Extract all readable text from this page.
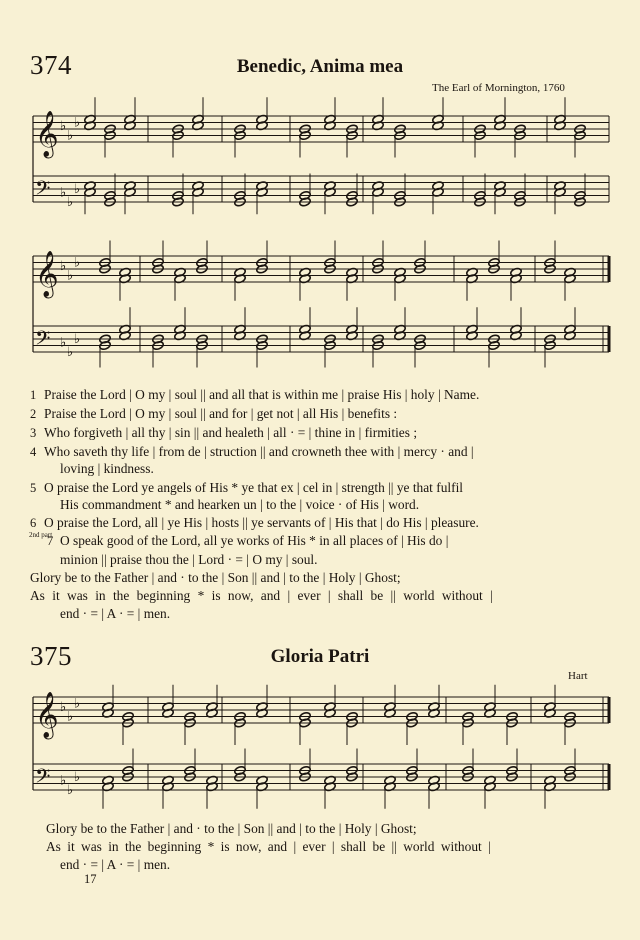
374	Benedic, Anima mea
The Earl of Mornington, 1760
𝄞 ♭
♭
♭
𝄢 ♭
♭
♭
𝄞 ♭
♭
♭
𝄢 ♭
♭
♭
𝄞 ♭
♭
♭
𝄢 ♭
♭
♭
1 Praise the Lord | O my | soul || and all that is within me | praise His | holy | Name.
2 Praise the Lord | O my | soul || and for | get not | all His | benefits :
3 Who forgiveth | all thy | sin || and healeth | all · = | thine in | firmities ;
4 Who saveth thy life | from de | struction || and crowneth thee with | mercy · and |
loving | kindness.
5 O praise the Lord ye angels of His * ye that ex | cel in | strength || ye that fulfil
His commandment * and hearken un | to the | voice · of His | word.
6 O praise the Lord, all | ye His | hosts || ye servants of | His that | do His | pleasure.
2nd part
7 O speak good of the Lord, all ye works of His * in all places of | His do |
minion || praise thou the | Lord · = | O my | soul.
Glory be to the Father | and · to the | Son || and | to the | Holy | Ghost;
As it was in the beginning * is now, and | ever | shall be || world without |
end · = | A · = | men.
375	Gloria Patri
Hart
Glory be to the Father | and · to the | Son || and | to the | Holy | Ghost;
As it was in the beginning * is now, and | ever | shall be || world without |
end · = | A · = | men.
17
